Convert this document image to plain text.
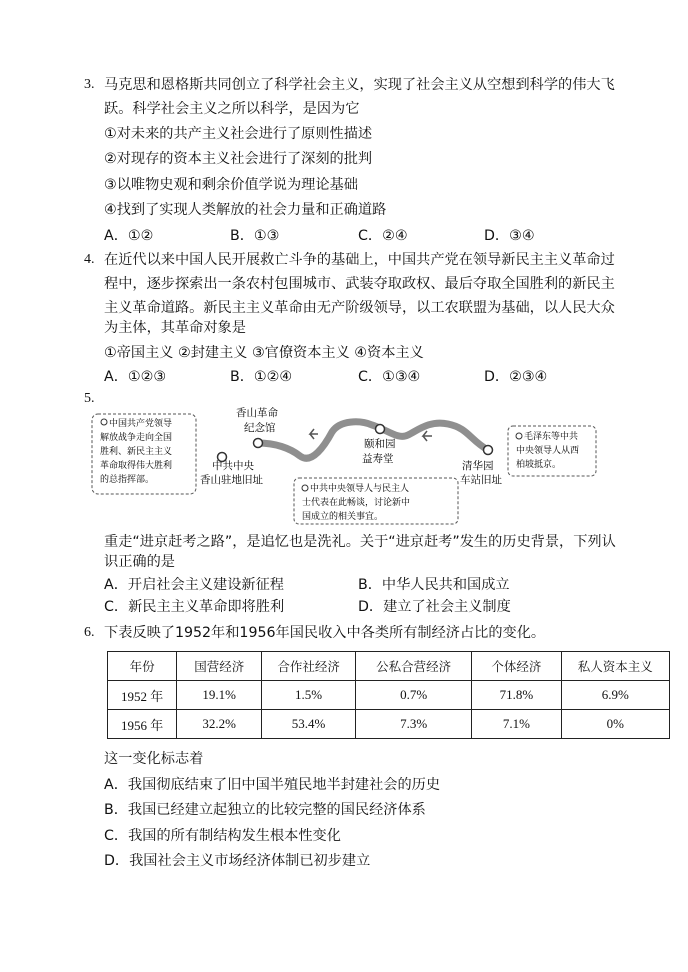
3. 马克思和恩格斯共同创立了科学社会主义，实现了社会主义从空想到科学的伟大飞
跃。科学社会主义之所以科学，是因为它
①对未来的共产主义社会进行了原则性描述
②对现存的资本主义社会进行了深刻的批判
③以唯物史观和剩余价值学说为理论基础
④找到了实现人类解放的社会力量和正确道路
A．①②	B．①③	C．②④	D．③④
4. 在近代以来中国人民开展救亡斗争的基础上，中国共产党在领导新民主主义革命过
程中，逐步探索出一条农村包围城市、武装夺取政权、最后夺取全国胜利的新民主
主义革命道路。新民主主义革命由无产阶级领导，以工农联盟为基础，以人民大众
为主体，其革命对象是
①帝国主义 ②封建主义 ③官僚资本主义 ④资本主义
A．①②③	B．①②④	C．①③④	D．②③④
5.
中国共产党领导
解放战争走向全国
胜利、新民主主义
革命取得伟大胜利
的总指挥部。
中共中央领导人与民主人
士代表在此畅谈，讨论新中
国成立的相关事宜。
毛泽东等中共
中央领导人从西
柏坡抵京。
香山革命
纪念馆
中共中央
香山驻地旧址
颐和园
益寿堂
清华园
车站旧址
重走“进京赶考之路”，是追忆也是洗礼。关于“进京赶考”发生的历史背景，下列认
识正确的是
A．开启社会主义建设新征程	B．中华人民共和国成立
C．新民主主义革命即将胜利	D．建立了社会主义制度
6. 下表反映了1952年和1956年国民收入中各类所有制经济占比的变化。
年份	国营经济	合作社经济	公私合营经济	个体经济	私人资本主义
1952 年	19.1%	1.5%	0.7%	71.8%	6.9%
1956 年	32.2%	53.4%	7.3%	7.1%	0%
这一变化标志着
A．我国彻底结束了旧中国半殖民地半封建社会的历史
B．我国已经建立起独立的比较完整的国民经济体系
C．我国的所有制结构发生根本性变化
D．我国社会主义市场经济体制已初步建立
